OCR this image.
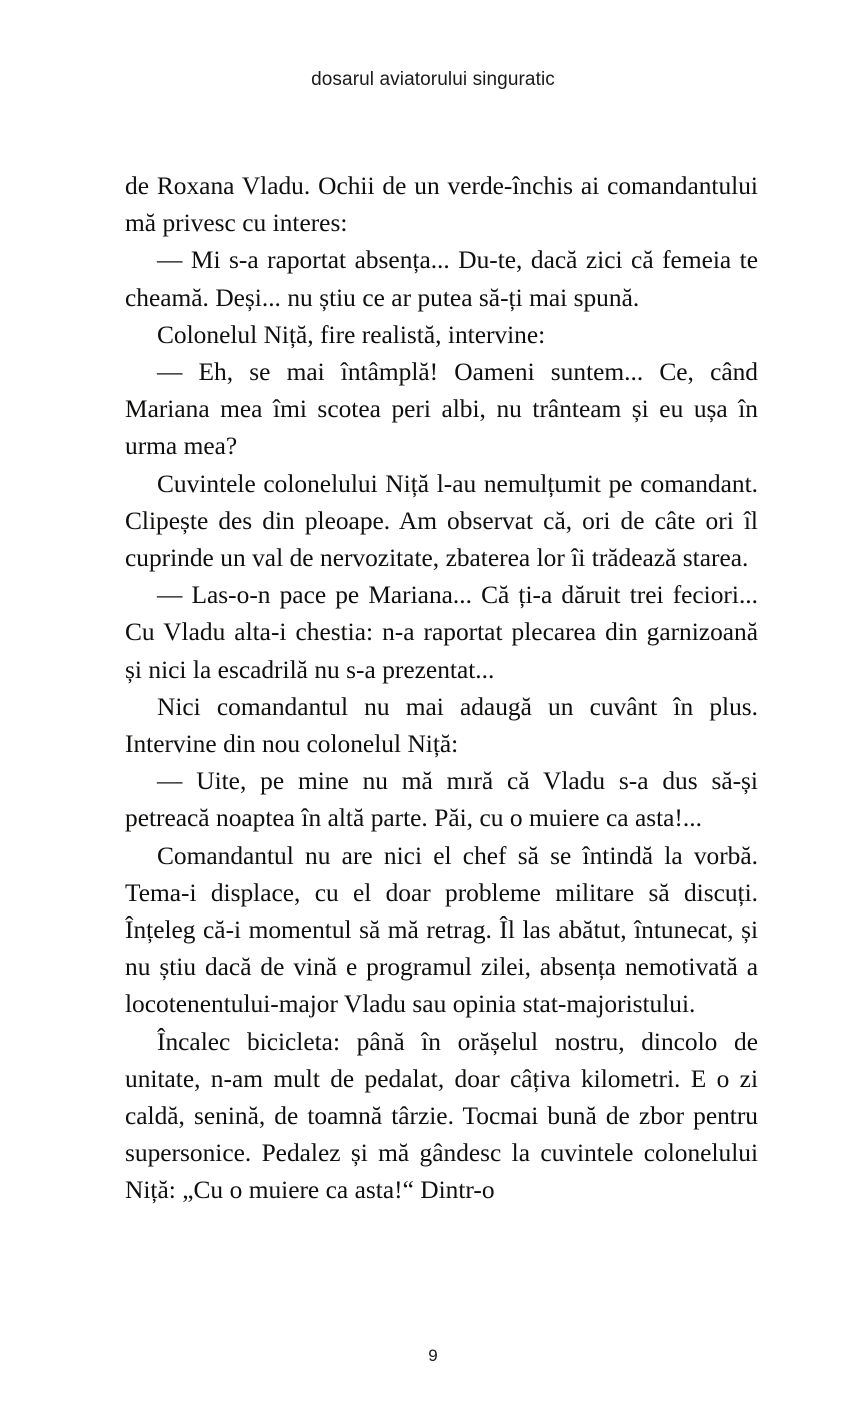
dosarul aviatorului singuratic

de Roxana Vladu. Ochii de un verde-închis ai comandantului mă privesc cu interes:

— Mi s-a raportat absența... Du-te, dacă zici că femeia te cheamă. Deși... nu știu ce ar putea să-ți mai spună.

Colonelul Niță, fire realistă, intervine:

— Eh, se mai întâmplă! Oameni suntem... Ce, când Mariana mea îmi scotea peri albi, nu trânteam și eu ușa în urma mea?

Cuvintele colonelului Niță l-au nemulțumit pe comandant. Clipește des din pleoape. Am observat că, ori de câte ori îl cuprinde un val de nervozitate, zbaterea lor îi trădează starea.

— Las-o-n pace pe Mariana... Că ți-a dăruit trei feciori... Cu Vladu alta-i chestia: n-a raportat plecarea din garnizoană și nici la escadrilă nu s-a prezentat...

Nici comandantul nu mai adaugă un cuvânt în plus. Intervine din nou colonelul Niță:

— Uite, pe mine nu mă mıră că Vladu s-a dus să-și petreacă noaptea în altă parte. Păi, cu o muiere ca asta!...

Comandantul nu are nici el chef să se întindă la vorbă. Tema-i displace, cu el doar probleme militare să discuți. Înțeleg că-i momentul să mă retrag. Îl las abătut, întunecat, și nu știu dacă de vină e programul zilei, absența nemotivată a locotenentului-major Vladu sau opinia stat-majoristului.

Încalec bicicleta: până în orășelul nostru, dincolo de unitate, n-am mult de pedalat, doar câțiva kilometri. E o zi caldă, senină, de toamnă târzie. Tocmai bună de zbor pentru supersonice. Pedalez și mă gândesc la cuvintele colonelului Niță: „Cu o muiere ca asta!“ Dintr-o

9
